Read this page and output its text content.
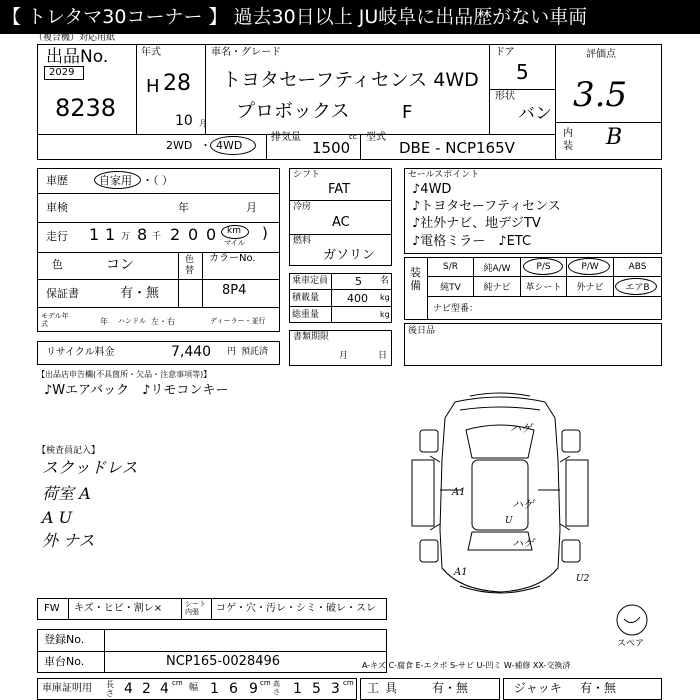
【 トレタマ30コーナー 】 過去30日以上 JU岐阜に出品歴がない車両
（複合機）対応用紙
出品No.
2029
8238
年式
H 28
10 月
車名・グレード
トヨタセーフティセンス 4WD
プロボックス	F
ドア
5
形状
バン
評価点
3.5
内装 B
2WD ・ 4WD
排気量	cc
1500
型式
DBE - NCP165V
車歴	自家用 ・（ ）
車検	年	月
走行 1 1 万 8 千 2 0 0 km
マイル
)
色	コン	色替
カラーNo.
8P4
保証書	有・無
モデル年式	年 ハンドル 左・右	ディーラー・並行
リサイクル料金	7,440 円 預託済
シフト
FAT
冷房
AC
燃料
ガソリン
乗車定員 5 名
積載量	400 kg
総重量	kg
書類期限
月	日
セールスポイント
♪4WD
♪トヨタセーフティセンス
♪社外ナビ、地デジTV
♪電格ミラー　♪ETC
装備
S/R	純A/W	P/S	P/W	ABS
純TV	純ナビ	革シート	外ナビ	エアB
ナビ型番：
後日品
【出品店申告欄(不具箇所・欠品・注意事項等)】
♪Wエアバック　♪リモコンキー
【検査員記入】
スクッドレス
荷室 A
A U
外 ナス
ハゲ
A1
ハゲ
U
ハゲ
A1
U2
スペア
FW キズ・ヒビ・割レ×	シート内張	コゲ・穴・汚レ・シミ・破レ・スレ
登録No.
車台No.	NCP165-0028496	A-キズ C-腐食 E-エクボ S-サビ U-凹ミ W-補修 XX-交換済
車庫証明用 長さ 4 2 4 cm 幅 1 6 9 cm 高さ 1 5 3 cm 工具 有・無	ジャッキ 有・無
